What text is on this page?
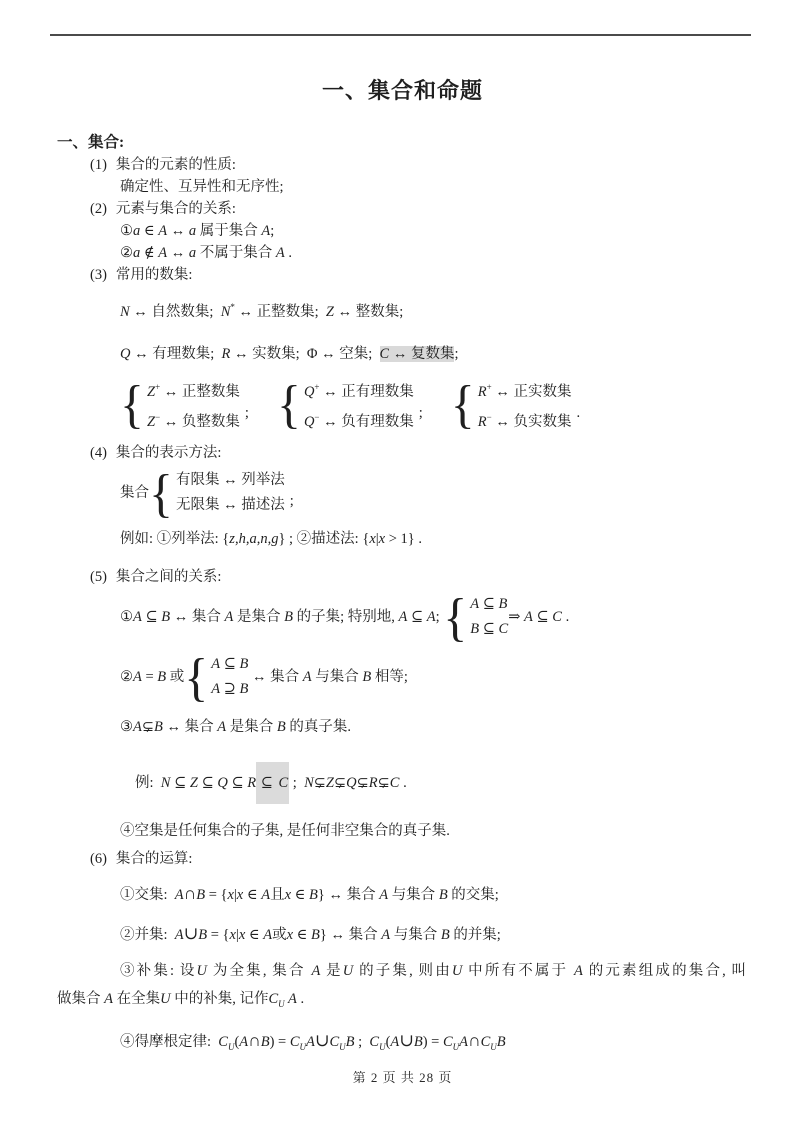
一、集合和命题
一、集合:
(1) 集合的元素的性质:
确定性、互异性和无序性;
(2) 元素与集合的关系:
①a ∈ A ↔ a 属于集合 A;
②a ∉ A ↔ a 不属于集合 A .
(3) 常用的数集:
N ↔ 自然数集;  N* ↔ 正整数集;  Z ↔ 整数集;
Q ↔ 有理数集;  R ↔ 实数集;  Φ ↔ 空集;  C ↔ 复数集;
{ Z+ ↔ 正整数集
Z− ↔ 负整数集
; { Q+ ↔ 正有理数集
Q− ↔ 负有理数集
; { R+ ↔ 正实数集
R− ↔ 负实数集
.
(4) 集合的表示方法:
集合 { 有限集 ↔ 列举法
无限集 ↔ 描述法 ;
例如: ①列举法: {z,h,a,n,g} ; ②描述法: {x|x > 1} .
(5) 集合之间的关系:
①A ⊆ B ↔ 集合 A 是集合 B 的子集; 特别地, A ⊆ A; { A ⊆ B
B ⊆ C
⇒ A ⊆ C .
②A = B 或 { A ⊆ B
A ⊇ B
↔ 集合 A 与集合 B 相等;
③A⊊B ↔ 集合 A 是集合 B 的真子集.
例:  N ⊆ Z ⊆ Q ⊆ R ⊆ C ;  N⊊Z⊊Q⊊R⊊C .
④空集是任何集合的子集, 是任何非空集合的真子集.
(6) 集合的运算:
①交集:  A∩B = {x|x ∈ A且x ∈ B} ↔ 集合 A 与集合 B 的交集;
②并集:  A∪B = {x|x ∈ A或x ∈ B} ↔ 集合 A 与集合 B 的并集;
③补集: 设U 为全集, 集合 A 是U 的子集, 则由U 中所有不属于 A 的元素组成的集合, 叫
做集合 A 在全集U 中的补集, 记作$C_U$ A .
④得摩根定律:  $C_U(A\cap B)$ = $C_UA\cup C_UB$ ;  $C_U(A\cup B)$ = $C_UA\cap C_UB$
第 2 页 共 28 页
